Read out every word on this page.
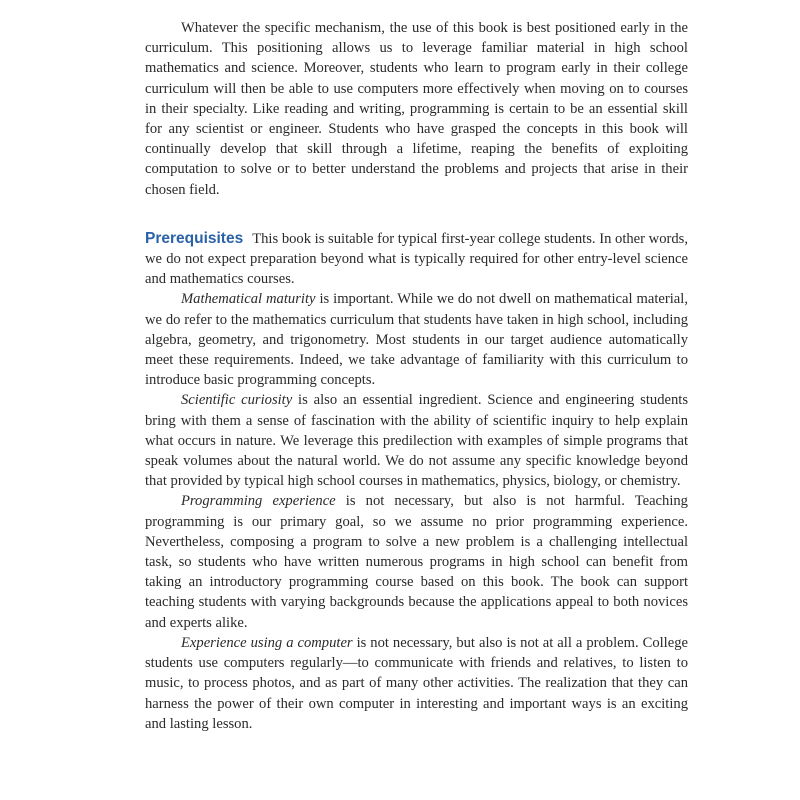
Whatever the specific mechanism, the use of this book is best positioned early in the curriculum. This positioning allows us to leverage familiar material in high school mathematics and science. Moreover, students who learn to program early in their college curriculum will then be able to use computers more effectively when moving on to courses in their specialty. Like reading and writing, programming is certain to be an essential skill for any scientist or engineer. Students who have grasped the concepts in this book will continually develop that skill through a lifetime, reaping the benefits of exploiting computation to solve or to better understand the problems and projects that arise in their chosen field.

Prerequisites This book is suitable for typical first-year college students. In other words, we do not expect preparation beyond what is typically required for other entry-level science and mathematics courses.

Mathematical maturity is important. While we do not dwell on mathematical material, we do refer to the mathematics curriculum that students have taken in high school, including algebra, geometry, and trigonometry. Most students in our target audience automatically meet these requirements. Indeed, we take advantage of familiarity with this curriculum to introduce basic programming concepts.

Scientific curiosity is also an essential ingredient. Science and engineering students bring with them a sense of fascination with the ability of scientific inquiry to help explain what occurs in nature. We leverage this predilection with examples of simple programs that speak volumes about the natural world. We do not assume any specific knowledge beyond that provided by typical high school courses in mathematics, physics, biology, or chemistry.

Programming experience is not necessary, but also is not harmful. Teaching programming is our primary goal, so we assume no prior programming experience. Nevertheless, composing a program to solve a new problem is a challenging intellectual task, so students who have written numerous programs in high school can benefit from taking an introductory programming course based on this book. The book can support teaching students with varying backgrounds because the applications appeal to both novices and experts alike.

Experience using a computer is not necessary, but also is not at all a problem. College students use computers regularly—to communicate with friends and relatives, to listen to music, to process photos, and as part of many other activities. The realization that they can harness the power of their own computer in interesting and important ways is an exciting and lasting lesson.
